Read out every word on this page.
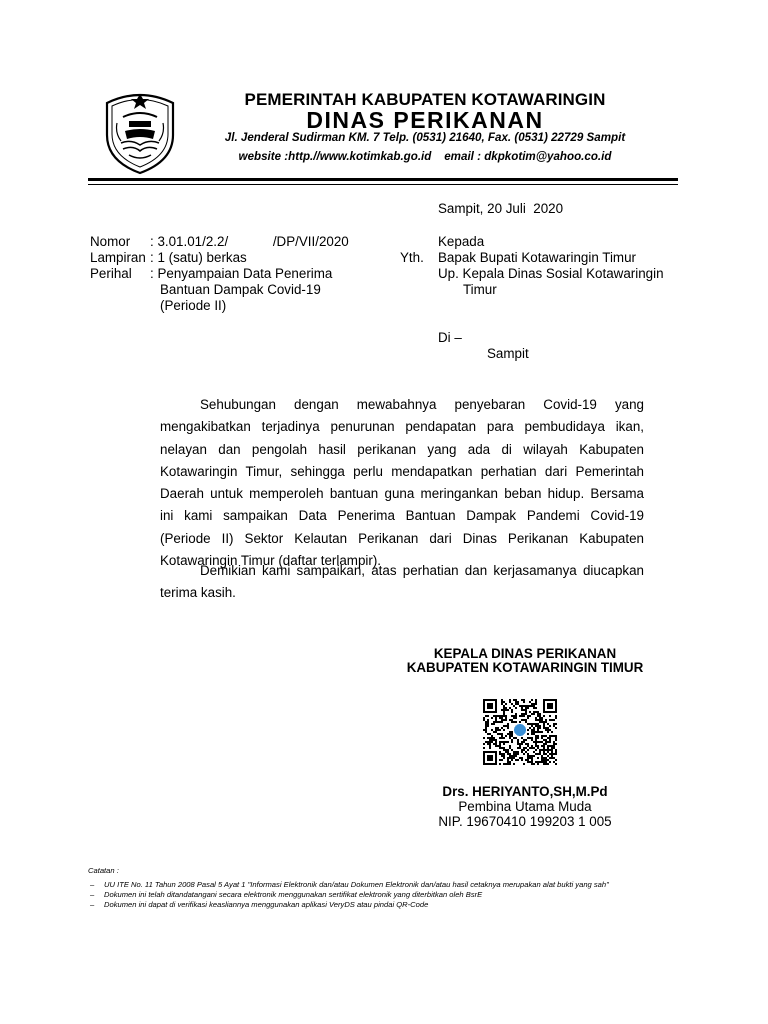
PEMERINTAH KABUPATEN KOTAWARINGIN
DINAS PERIKANAN
Jl. Jenderal Sudirman KM. 7 Telp. (0531) 21640, Fax. (0531) 22729 Sampit
website :http.//www.kotimkab.go.id    email : dkpkotim@yahoo.co.id
Sampit, 20 Juli  2020
Nomor : 3.01.01/2.2/            /DP/VII/2020
Lampiran : 1 (satu) berkas
Perihal : Penyampaian Data Penerima
Bantuan Dampak Covid-19
(Periode II)
Kepada
Yth. Bapak Bupati Kotawaringin Timur
Up. Kepala Dinas Sosial Kotawaringin
Timur
Di –
Sampit
Sehubungan dengan mewabahnya penyebaran Covid-19 yang
mengakibatkan terjadinya penurunan pendapatan para pembudidaya ikan,
nelayan dan pengolah hasil perikanan yang ada di wilayah Kabupaten
Kotawaringin Timur, sehingga perlu mendapatkan perhatian dari Pemerintah
Daerah untuk memperoleh bantuan guna meringankan beban hidup. Bersama
ini kami sampaikan Data Penerima Bantuan Dampak Pandemi Covid-19
(Periode II) Sektor Kelautan Perikanan dari Dinas Perikanan Kabupaten
Kotawaringin Timur (daftar terlampir).
Demikian kami sampaikan, atas perhatian dan kerjasamanya diucapkan
terima kasih.
KEPALA DINAS PERIKANAN
KABUPATEN KOTAWARINGIN TIMUR
Drs. HERIYANTO,SH,M.Pd
Pembina Utama Muda
NIP. 19670410 199203 1 005
Catatan :
– UU ITE No. 11 Tahun 2008 Pasal 5 Ayat 1 "Informasi Elektronik dan/atau Dokumen Elektronik dan/atau hasil cetaknya merupakan alat bukti yang sah"
– Dokumen ini telah ditandatangani secara elektronik menggunakan sertifikat elektronik yang diterbitkan oleh BsrE
– Dokumen ini dapat di verifikasi keasliannya menggunakan aplikasi VeryDS atau pindai QR-Code
